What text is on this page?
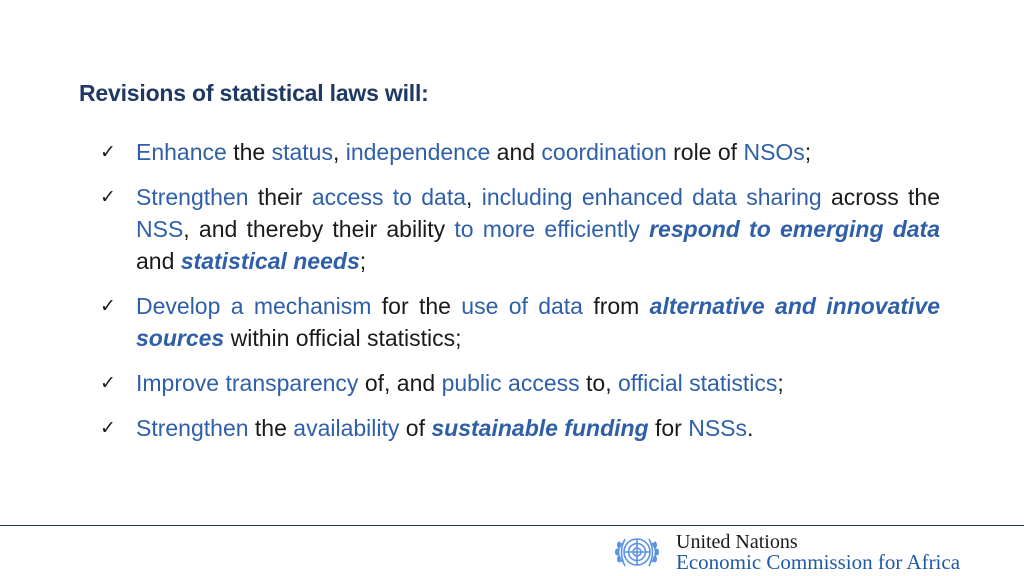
Revisions of statistical laws will:
✓ Enhance the status, independence and coordination role of NSOs;
✓ Strengthen their access to data, including enhanced data sharing across the NSS, and thereby their ability to more efficiently respond to emerging data and statistical needs;
✓ Develop a mechanism for the use of data from alternative and innovative sources within official statistics;
✓ Improve transparency of, and public access to, official statistics;
✓ Strengthen the availability of sustainable funding for NSSs.
United Nations
Economic Commission for Africa
